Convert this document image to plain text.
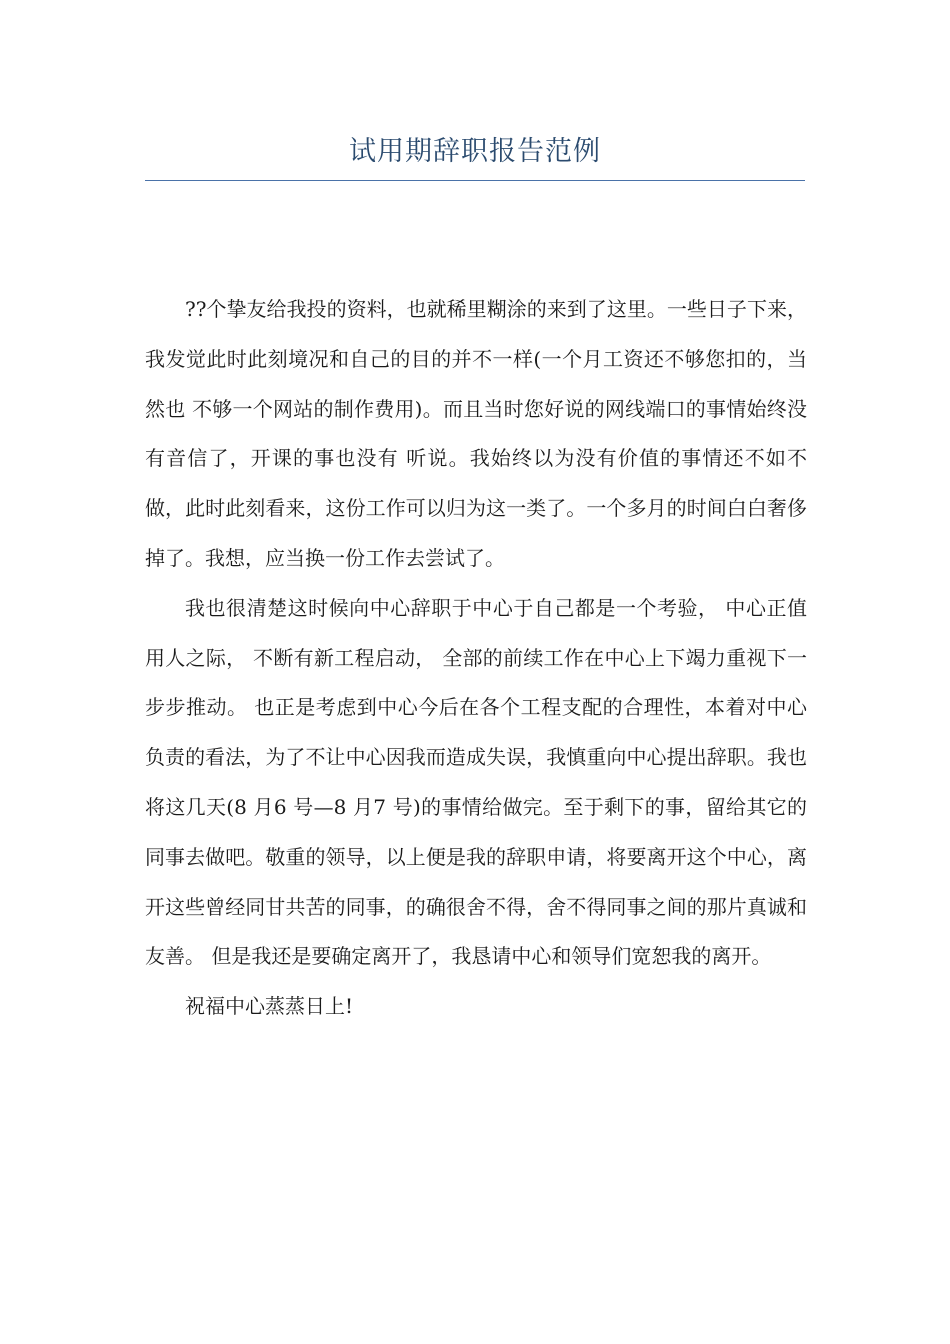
试用期辞职报告范例

??个挚友给我投的资料，也就稀里糊涂的来到了这里。一些日子下来，我发觉此时此刻境况和自己的目的并不一样(一个月工资还不够您扣的，当然也 不够一个网站的制作费用)。而且当时您好说的网线端口的事情始终没有音信了，开课的事也没有 听说。我始终以为没有价值的事情还不如不做，此时此刻看来，这份工作可以归为这一类了。一个多月的时间白白奢侈掉了。我想，应当换一份工作去尝试了。

我也很清楚这时候向中心辞职于中心于自己都是一个考验， 中心正值用人之际， 不断有新工程启动， 全部的前续工作在中心上下竭力重视下一步步推动。 也正是考虑到中心今后在各个工程支配的合理性，本着对中心负责的看法，为了不让中心因我而造成失误，我慎重向中心提出辞职。我也 将这几天(8 月6 号—8 月7 号)的事情给做完。至于剩下的事，留给其它的同事去做吧。敬重的领导，以上便是我的辞职申请，将要离开这个中心，离开这些曾经同甘共苦的同事，的确很舍不得，舍不得同事之间的那片真诚和友善。 但是我还是要确定离开了，我恳请中心和领导们宽恕我的离开。

祝福中心蒸蒸日上!
